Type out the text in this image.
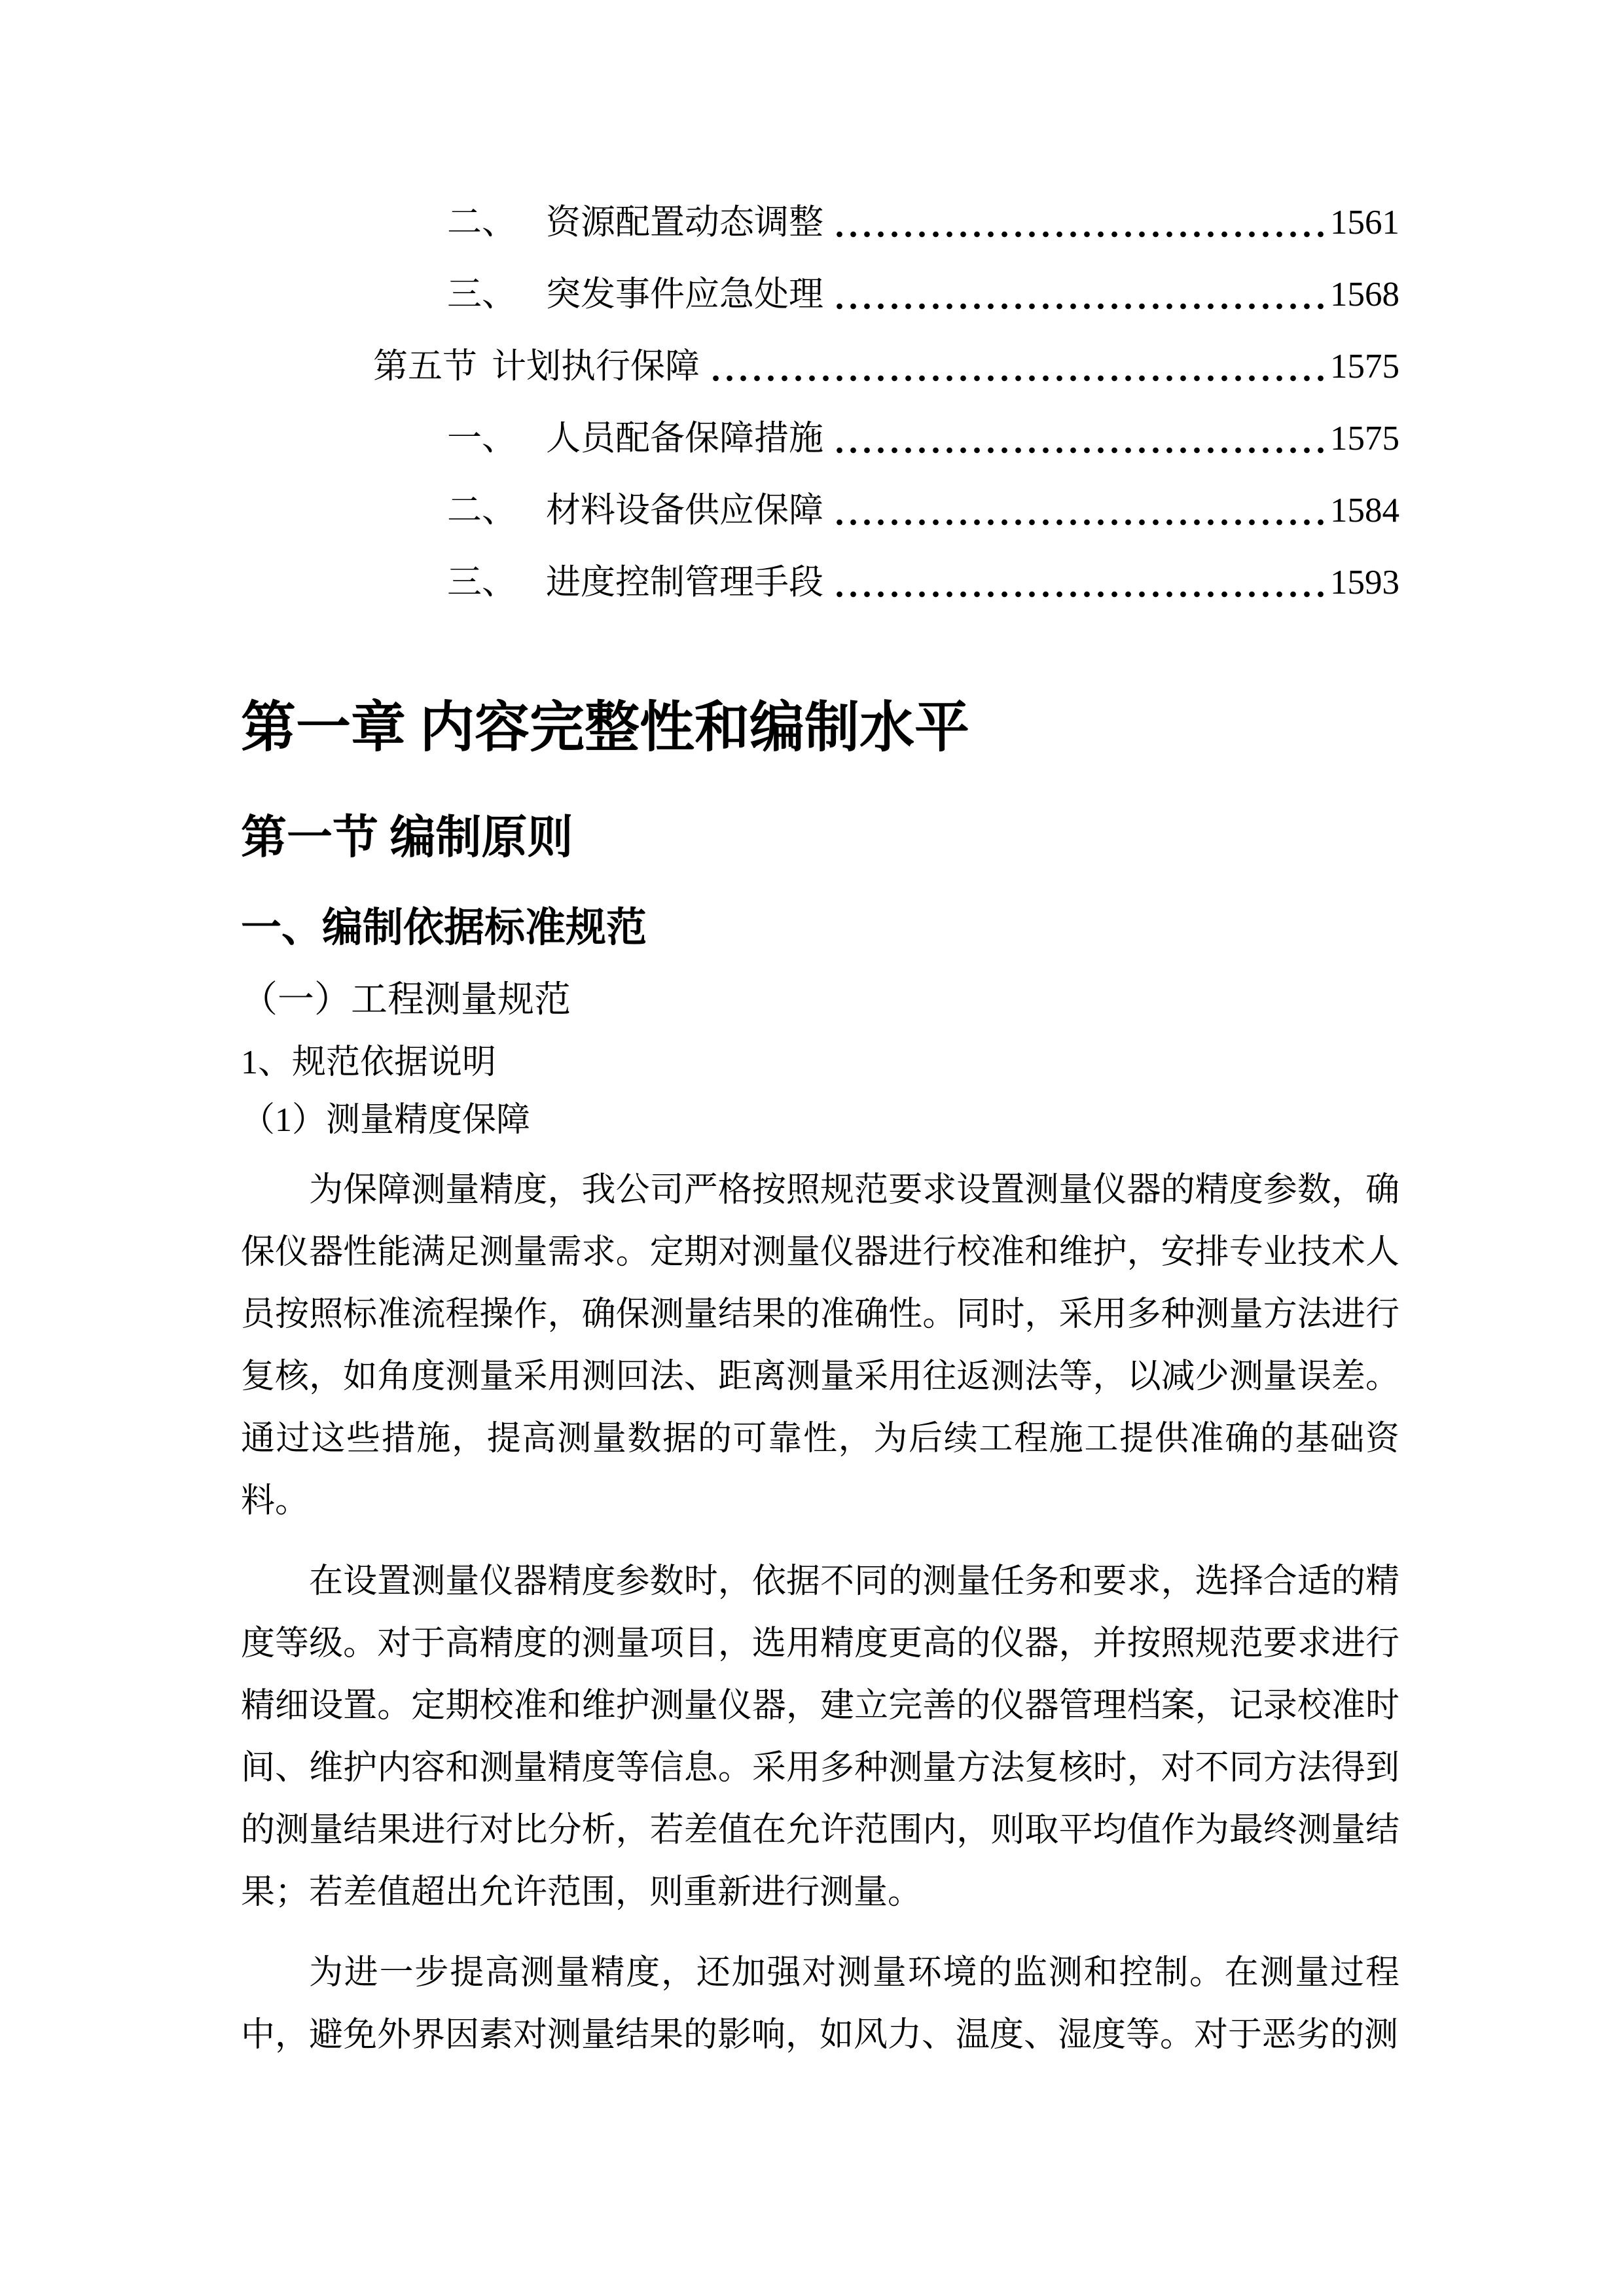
二、 资源配置动态调整	1561
三、 突发事件应急处理	1568
第五节 计划执行保障	1575
一、 人员配备保障措施	1575
二、 材料设备供应保障	1584
三、 进度控制管理手段	1593
第一章 内容完整性和编制水平
第一节 编制原则
一、编制依据标准规范
（一）工程测量规范
1、规范依据说明
（1）测量精度保障

为保障测量精度，我公司严格按照规范要求设置测量仪器的精度参数，确保仪器性能满足测量需求。定期对测量仪器进行校准和维护，安排专业技术人员按照标准流程操作，确保测量结果的准确性。同时，采用多种测量方法进行复核，如角度测量采用测回法、距离测量采用往返测法等，以减少测量误差。通过这些措施，提高测量数据的可靠性，为后续工程施工提供准确的基础资料。

在设置测量仪器精度参数时，依据不同的测量任务和要求，选择合适的精度等级。对于高精度的测量项目，选用精度更高的仪器，并按照规范要求进行精细设置。定期校准和维护测量仪器，建立完善的仪器管理档案，记录校准时间、维护内容和测量精度等信息。采用多种测量方法复核时，对不同方法得到的测量结果进行对比分析，若差值在允许范围内，则取平均值作为最终测量结果；若差值超出允许范围，则重新进行测量。

为进一步提高测量精度，还加强对测量环境的监测和控制。在测量过程中，避免外界因素对测量结果的影响，如风力、温度、湿度等。对于恶劣的测
